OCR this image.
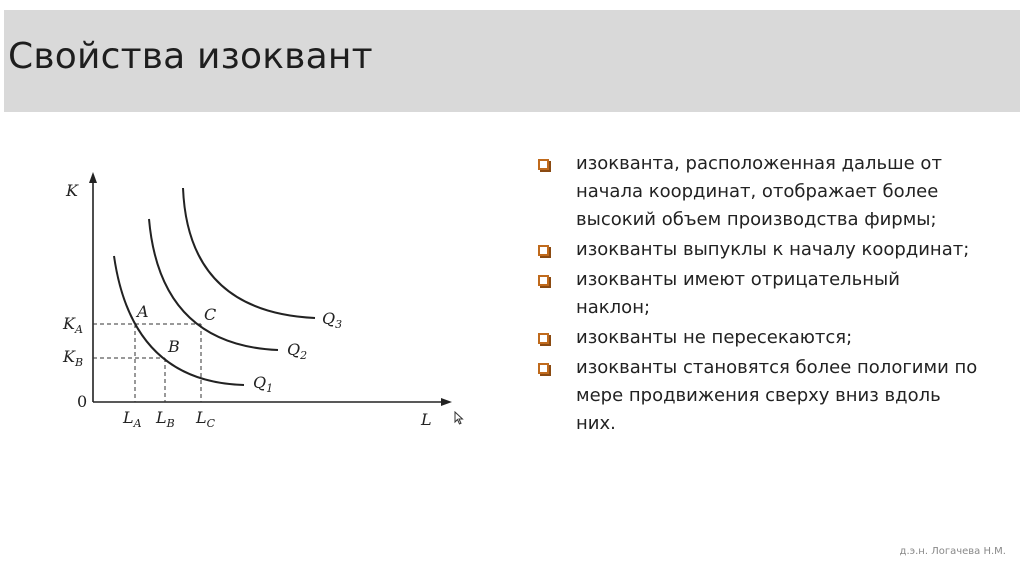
Свойства изоквант
K
L
0
$K_A$
$K_B$
$L_A$ $L_B$ $L_C$
A
B
C
$Q_1$
$Q_2$
$Q_3$
изокванта, расположенная дальше от начала координат, отображает более высокий объем производства фирмы;
изокванты выпуклы к началу координат;
изокванты имеют отрицательный наклон;
изокванты не пересекаются;
изокванты становятся более пологими по мере продвижения сверху вниз вдоль них.
д.э.н. Логачева Н.М.
